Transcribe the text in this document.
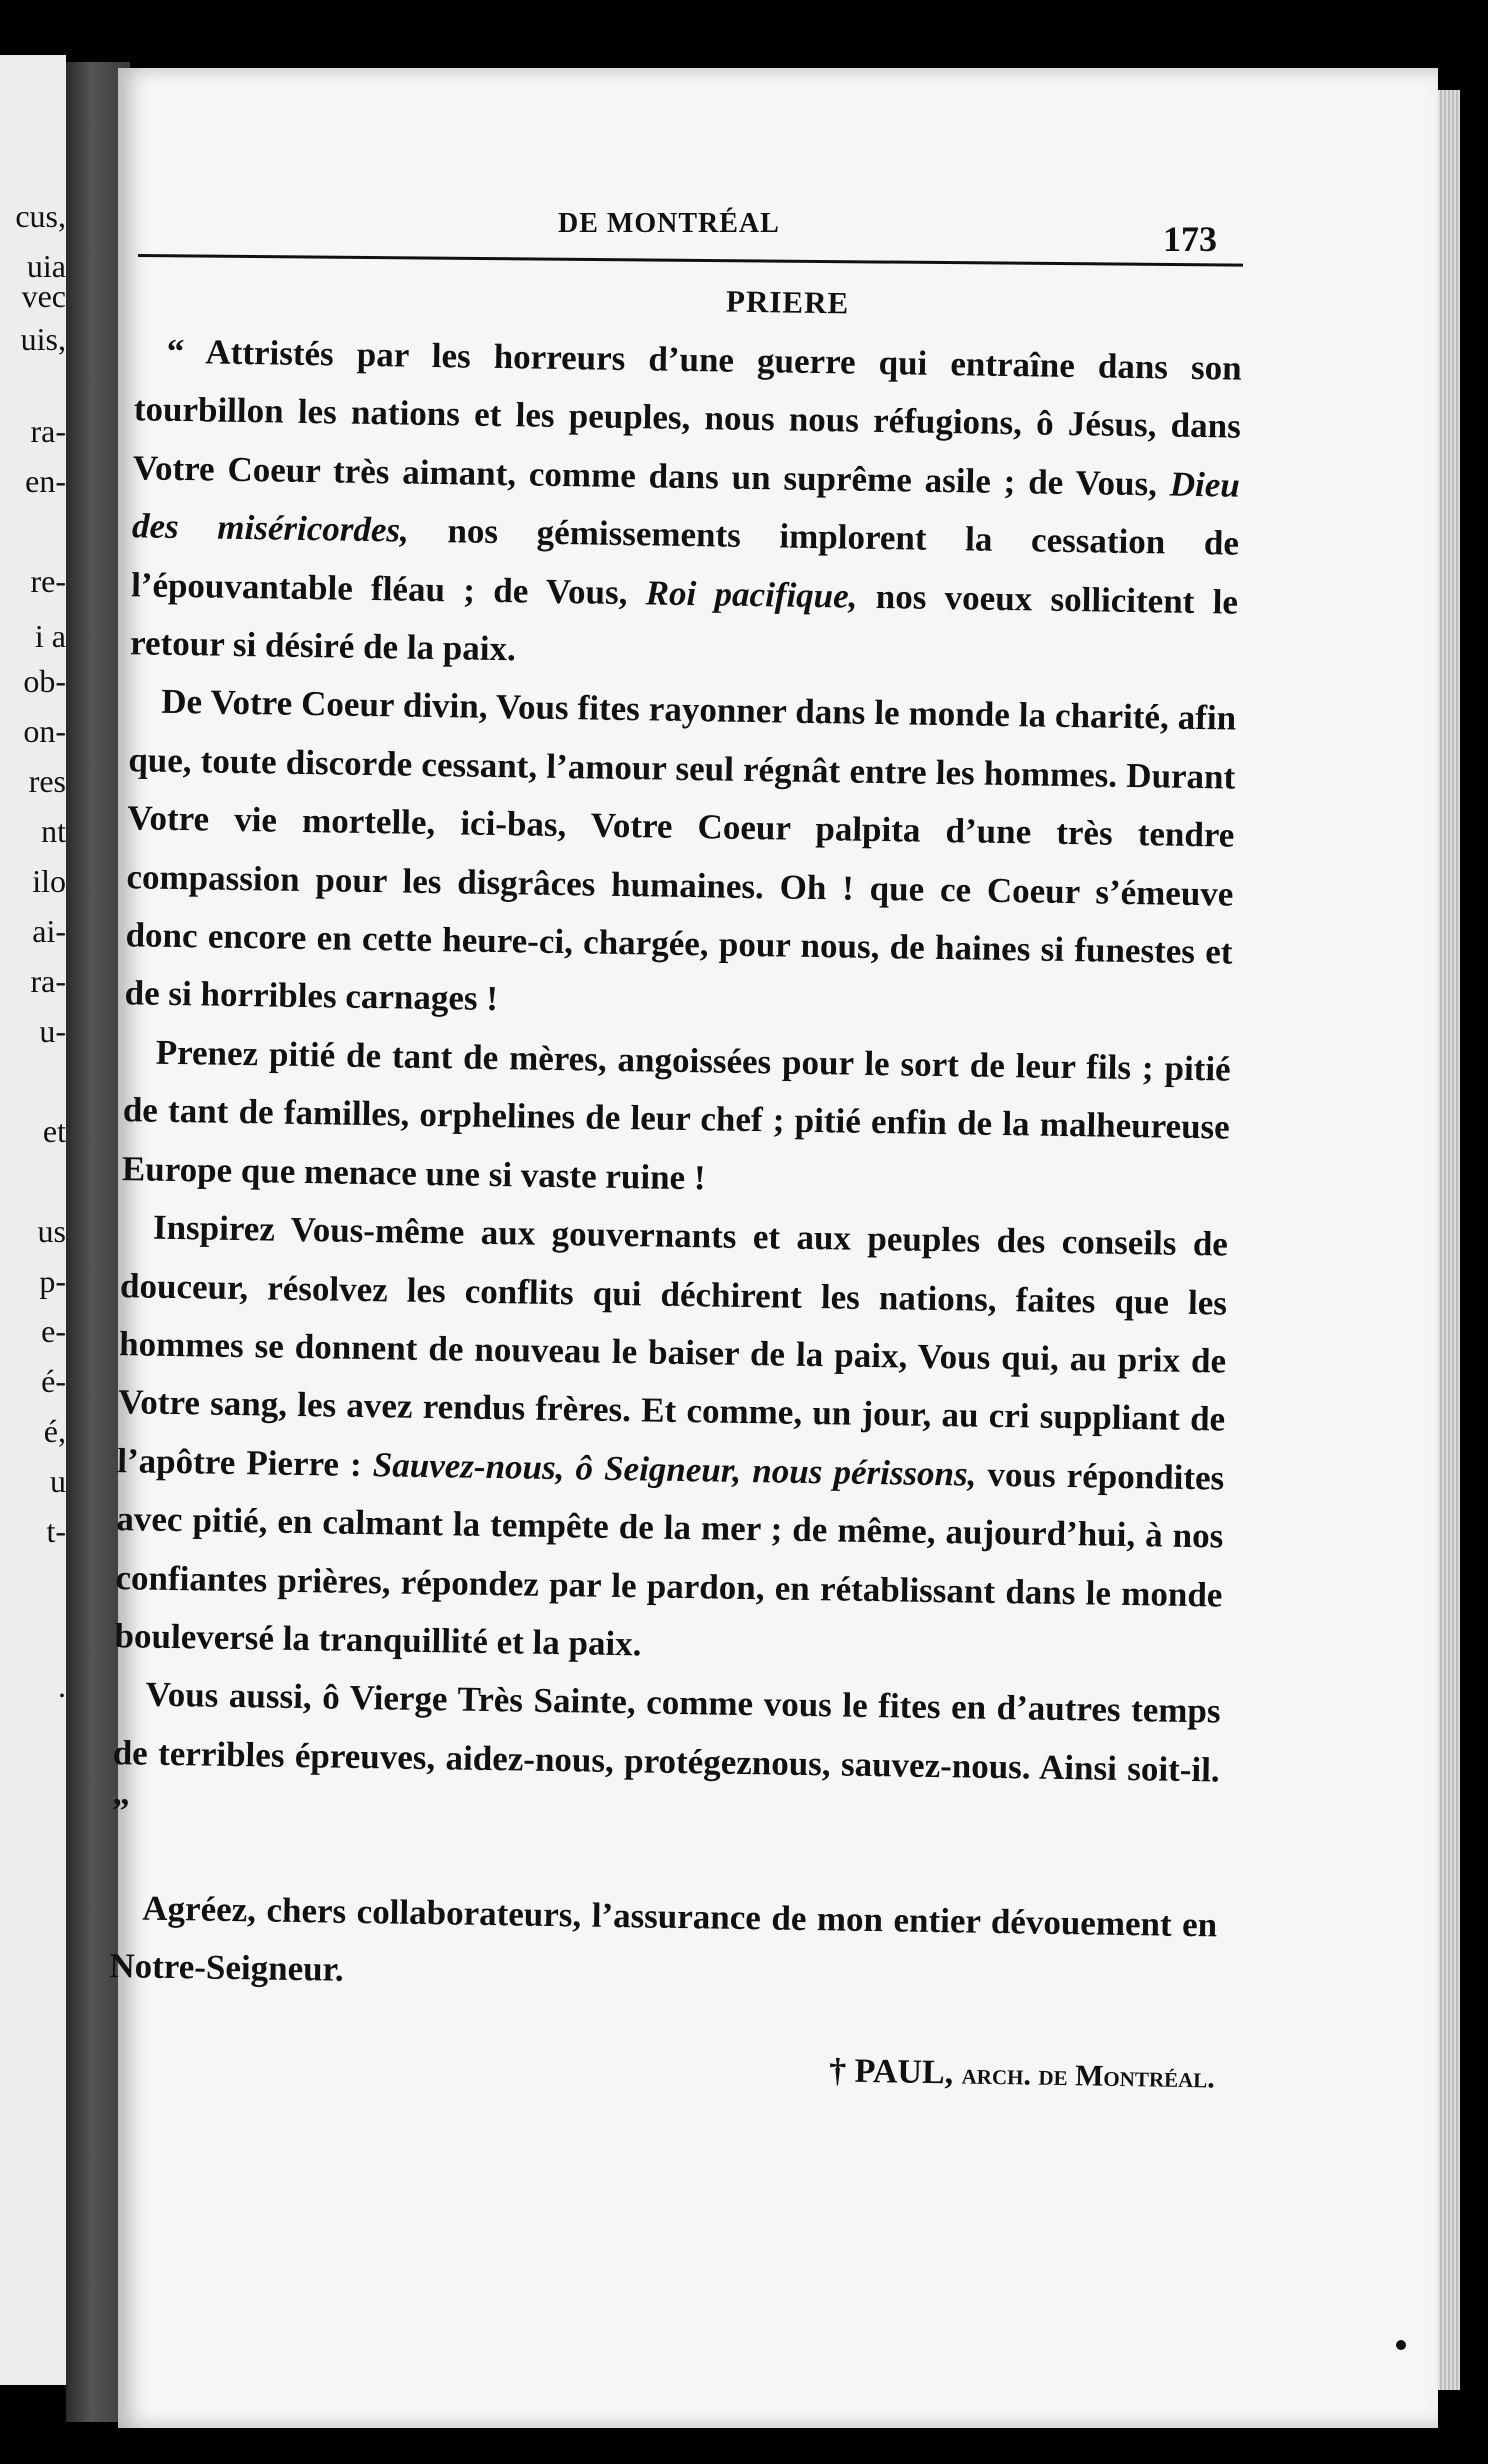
cus,
uia
vec
uis,
ra-
en-
re-
i a
ob-
on-
res
nt
ilo
ai-
ra-
u-
et
us
p-
e-
é-
é,
u
t-
.
DE MONTRÉAL	173
PRIERE

“ Attristés par les horreurs d’une guerre qui entraîne dans son tourbillon les nations et les peuples, nous nous réfugions, ô Jésus, dans Votre Coeur très aimant, comme dans un suprême asile ; de Vous, Dieu des miséricordes, nos gémissements implorent la cessation de l’épouvantable fléau ; de Vous, Roi pacifique, nos voeux sollicitent le retour si désiré de la paix.

De Votre Coeur divin, Vous fites rayonner dans le monde la charité, afin que, toute discorde cessant, l’amour seul régnât entre les hommes. Durant Votre vie mortelle, ici-bas, Votre Coeur palpita d’une très tendre compassion pour les disgrâces humaines. Oh ! que ce Coeur s’émeuve donc encore en cette heure-ci, chargée, pour nous, de haines si funestes et de si horribles carnages !

Prenez pitié de tant de mères, angoissées pour le sort de leur fils ; pitié de tant de familles, orphelines de leur chef ; pitié enfin de la malheureuse Europe que menace une si vaste ruine !

Inspirez Vous-même aux gouvernants et aux peuples des conseils de douceur, résolvez les conflits qui déchirent les nations, faites que les hommes se donnent de nouveau le baiser de la paix, Vous qui, au prix de Votre sang, les avez rendus frères. Et comme, un jour, au cri suppliant de l’apôtre Pierre : Sauvez-nous, ô Seigneur, nous périssons, vous répondites avec pitié, en calmant la tempête de la mer ; de même, aujourd’hui, à nos confiantes prières, répondez par le pardon, en rétablissant dans le monde bouleversé la tranquillité et la paix.

Vous aussi, ô Vierge Très Sainte, comme vous le fites en d’autres temps de terribles épreuves, aidez-nous, protégeznous, sauvez-nous. Ainsi soit-il. ”

Agréez, chers collaborateurs, l’assurance de mon entier dévouement en Notre-Seigneur.

† PAUL, arch. de Montréal.
